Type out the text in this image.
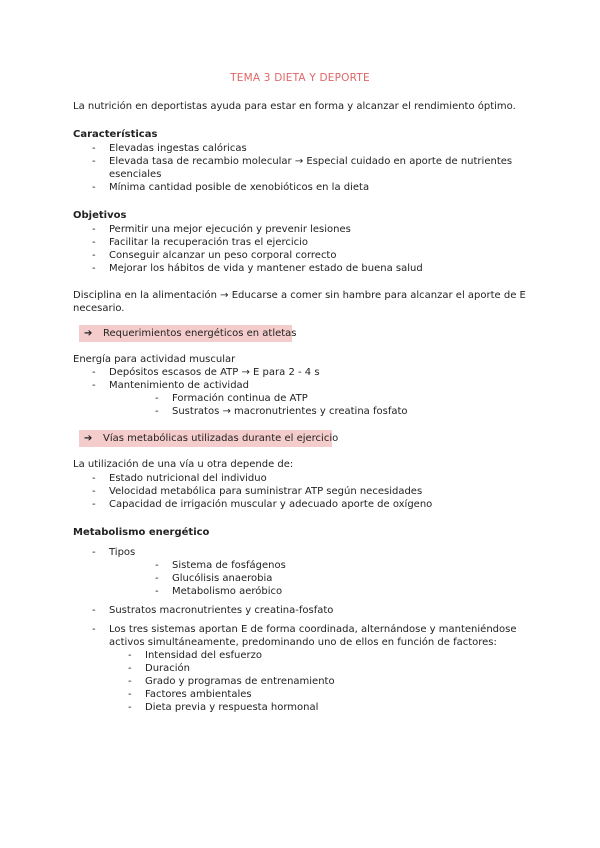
TEMA 3 DIETA Y DEPORTE
La nutrición en deportistas ayuda para estar en forma y alcanzar el rendimiento óptimo.
Características
- Elevadas ingestas calóricas
- Elevada tasa de recambio molecular → Especial cuidado en aporte de nutrientes
esenciales
- Mínima cantidad posible de xenobióticos en la dieta
Objetivos
- Permitir una mejor ejecución y prevenir lesiones
- Facilitar la recuperación tras el ejercicio
- Conseguir alcanzar un peso corporal correcto
- Mejorar los hábitos de vida y mantener estado de buena salud
Disciplina en la alimentación → Educarse a comer sin hambre para alcanzar el aporte de E
necesario.
➔ Requerimientos energéticos en atletas
Energía para actividad muscular
- Depósitos escasos de ATP → E para 2 - 4 s
- Mantenimiento de actividad
- Formación continua de ATP
- Sustratos → macronutrientes y creatina fosfato
➔ Vías metabólicas utilizadas durante el ejercicio
La utilización de una vía u otra depende de:
- Estado nutricional del individuo
- Velocidad metabólica para suministrar ATP según necesidades
- Capacidad de irrigación muscular y adecuado aporte de oxígeno
Metabolismo energético
- Tipos
- Sistema de fosfágenos
- Glucólisis anaerobia
- Metabolismo aeróbico
- Sustratos macronutrientes y creatina-fosfato
- Los tres sistemas aportan E de forma coordinada, alternándose y manteniéndose
activos simultáneamente, predominando uno de ellos en función de factores:
- Intensidad del esfuerzo
- Duración
- Grado y programas de entrenamiento
- Factores ambientales
- Dieta previa y respuesta hormonal
